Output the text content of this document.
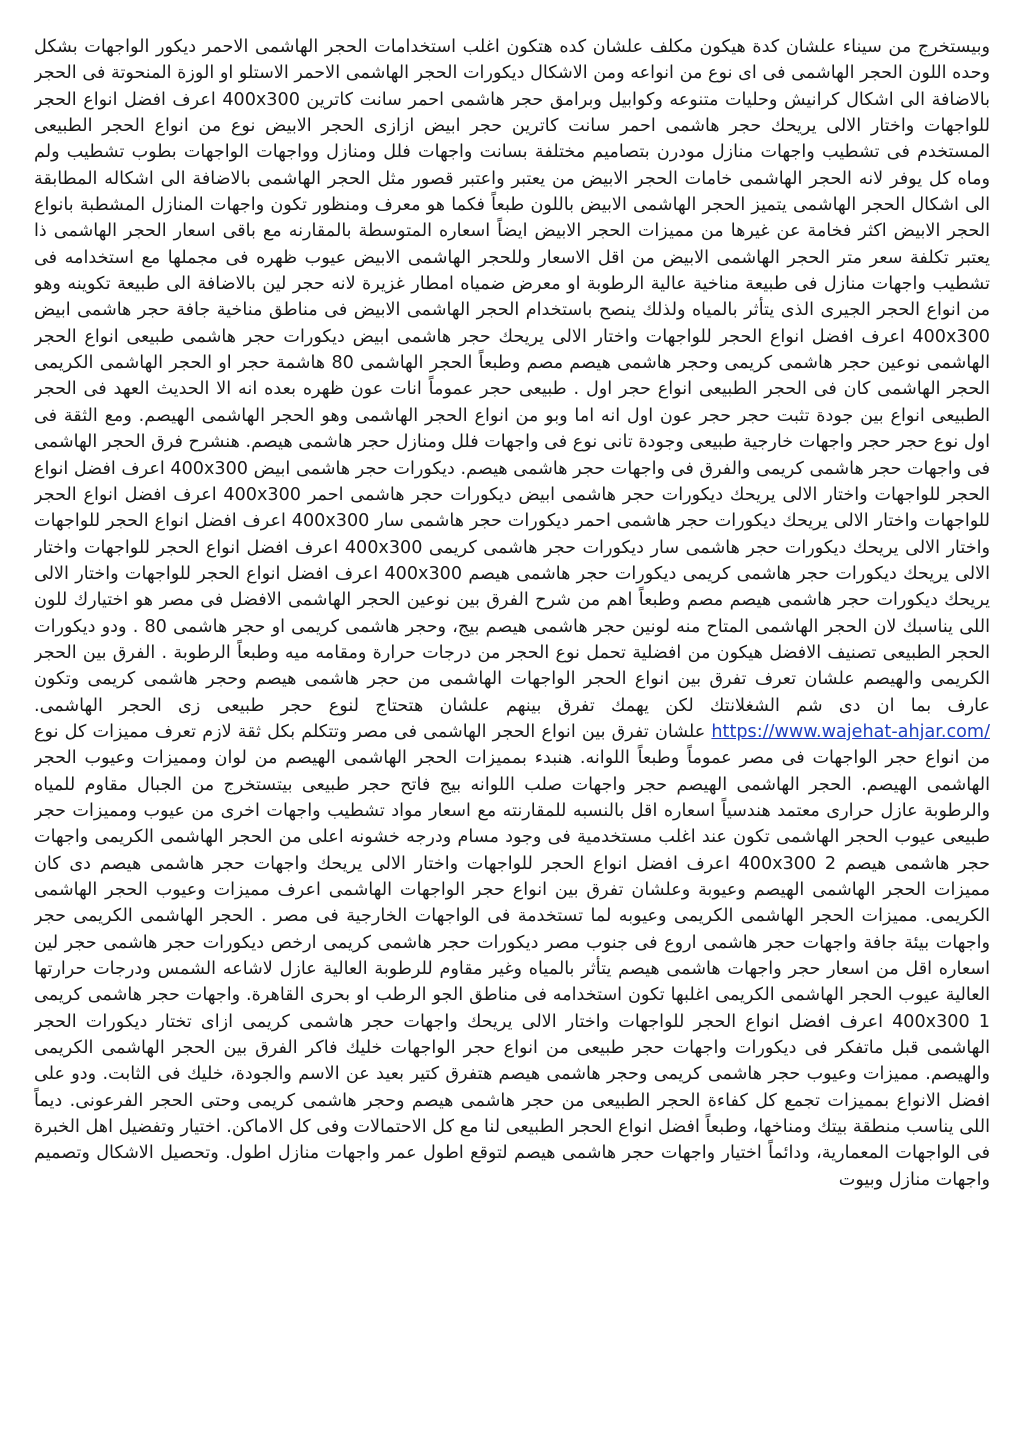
وبيستخرج من سيناء علشان كدة هيكون مكلف علشان كده هتكون اغلب استخدامات الحجر الهاشمى الاحمر ديكور الواجهات بشكل وحده اللون الحجر الهاشمى فى اى نوع من انواعه ومن الاشكال ديكورات الحجر الهاشمى الاحمر الاستلو او الوزة المنحوتة فى الحجر بالاضافة الى اشكال كرانيش وحليات متنوعه وكوابيل وبرامق حجر هاشمى احمر سانت كاترين 400x300 اعرف افضل انواع الحجر للواجهات واختار الالى يريحك حجر هاشمى احمر سانت كاترين حجر ابيض ازازى الحجر الابيض نوع من انواع الحجر الطبيعى المستخدم فى تشطيب واجهات منازل مودرن بتصاميم مختلفة بسانت واجهات فلل ومنازل وواجهات الواجهات بطوب تشطيب ولم وماه كل يوفر لانه الحجر الهاشمى خامات الحجر الابيض من يعتبر واعتبر قصور مثل الحجر الهاشمى بالاضافة الى اشكاله المطابقة الى اشكال الحجر الهاشمى يتميز الحجر الهاشمى الابيض باللون طبعاً فكما هو معرف ومنظور تكون واجهات المنازل المشطبة بانواع الحجر الابيض اكثر فخامة عن غيرها من مميزات الحجر الابيض ايضاً اسعاره المتوسطة بالمقارنه مع باقى اسعار الحجر الهاشمى ذا يعتبر تكلفة سعر متر الحجر الهاشمى الابيض من اقل الاسعار وللحجر الهاشمى الابيض عيوب ظهره فى مجملها مع استخدامه فى تشطيب واجهات منازل فى طبيعة مناخية عالية الرطوبة او معرض ضمياه امطار غزيرة لانه حجر لين بالاضافة الى طبيعة تكوينه وهو من انواع الحجر الجيرى الذى يتأثر بالمياه ولذلك ينصح باستخدام الحجر الهاشمى الابيض فى مناطق مناخية جافة حجر هاشمى ابيض 400x300 اعرف افضل انواع الحجر للواجهات واختار الالى يريحك حجر هاشمى ابيض ديكورات حجر هاشمى طبيعى انواع الحجر الهاشمى نوعين حجر هاشمى كريمى وحجر هاشمى هيصم مصم وطبعاً الحجر الهاشمى 80 هاشمة حجر او الحجر الهاشمى الكريمى الحجر الهاشمى كان فى الحجر الطبيعى انواع حجر اول . طبيعى حجر عموماً انات عون ظهره بعده انه الا الحديث العهد فى الحجر الطبيعى انواع بين جودة تثبت حجر حجر عون اول انه اما وبو من انواع الحجر الهاشمى وهو الحجر الهاشمى الهيصم. ومع الثقة فى اول نوع حجر حجر واجهات خارجية طبيعى وجودة تانى نوع فى واجهات فلل ومنازل حجر هاشمى هيصم. هنشرح فرق الحجر الهاشمى فى واجهات حجر هاشمى كريمى والفرق فى واجهات حجر هاشمى هيصم. ديكورات حجر هاشمى ابيض 400x300 اعرف افضل انواع الحجر للواجهات واختار الالى يريحك ديكورات حجر هاشمى ابيض ديكورات حجر هاشمى احمر 400x300 اعرف افضل انواع الحجر للواجهات واختار الالى يريحك ديكورات حجر هاشمى احمر ديكورات حجر هاشمى سار 400x300 اعرف افضل انواع الحجر للواجهات واختار الالى يريحك ديكورات حجر هاشمى سار ديكورات حجر هاشمى كريمى 400x300 اعرف افضل انواع الحجر للواجهات واختار الالى يريحك ديكورات حجر هاشمى كريمى ديكورات حجر هاشمى هيصم 400x300 اعرف افضل انواع الحجر للواجهات واختار الالى يريحك ديكورات حجر هاشمى هيصم مصم وطبعاً اهم من شرح الفرق بين نوعين الحجر الهاشمى الافضل فى مصر هو اختيارك للون اللى يناسبك لان الحجر الهاشمى المتاح منه لونين حجر هاشمى هيصم بيج، وحجر هاشمى كريمى او حجر هاشمى 80 . ودو ديكورات الحجر الطبيعى تصنيف الافضل هيكون من افضلية تحمل نوع الحجر من درجات حرارة ومقامه ميه وطبعاً الرطوبة . الفرق بين الحجر الكريمى والهيصم علشان تعرف تفرق بين انواع الحجر الواجهات الهاشمى من حجر هاشمى هيصم وحجر هاشمى كريمى وتكون عارف بما ان دى شم الشغلانتك لكن يهمك تفرق بينهم علشان هتحتاج لنوع حجر طبيعى زى الحجر الهاشمى. https://www.wajehat-ahjar.com/ علشان تفرق بين انواع الحجر الهاشمى فى مصر وتتكلم بكل ثقة لازم تعرف مميزات كل نوع من انواع حجر الواجهات فى مصر عموماً وطبعاً اللوانه. هنبدء بمميزات الحجر الهاشمى الهيصم من لوان ومميزات وعيوب الحجر الهاشمى الهيصم. الحجر الهاشمى الهيصم حجر واجهات صلب اللوانه بيج فاتح حجر طبيعى بيتستخرج من الجبال مقاوم للمياه والرطوبة عازل حرارى معتمد هندسياً اسعاره اقل بالنسبه للمقارنته مع اسعار مواد تشطيب واجهات اخرى من عيوب ومميزات حجر طبيعى عيوب الحجر الهاشمى تكون عند اغلب مستخدمية فى وجود مسام ودرجه خشونه اعلى من الحجر الهاشمى الكريمى واجهات حجر هاشمى هيصم 2 400x300 اعرف افضل انواع الحجر للواجهات واختار الالى يريحك واجهات حجر هاشمى هيصم دى كان مميزات الحجر الهاشمى الهيصم وعيوبة وعلشان تفرق بين انواع حجر الواجهات الهاشمى اعرف مميزات وعيوب الحجر الهاشمى الكريمى. مميزات الحجر الهاشمى الكريمى وعيوبه لما تستخدمة فى الواجهات الخارجية فى مصر . الحجر الهاشمى الكريمى حجر واجهات بيئة جافة واجهات حجر هاشمى اروع فى جنوب مصر ديكورات حجر هاشمى كريمى ارخص ديكورات حجر هاشمى حجر لين اسعاره اقل من اسعار حجر واجهات هاشمى هيصم يتأثر بالمياه وغير مقاوم للرطوبة العالية عازل لاشاعه الشمس ودرجات حرارتها العالية عيوب الحجر الهاشمى الكريمى اغلبها تكون استخدامه فى مناطق الجو الرطب او بحرى القاهرة. واجهات حجر هاشمى كريمى 1 400x300 اعرف افضل انواع الحجر للواجهات واختار الالى يريحك واجهات حجر هاشمى كريمى ازاى تختار ديكورات الحجر الهاشمى قبل ماتفكر فى ديكورات واجهات حجر طبيعى من انواع حجر الواجهات خليك فاكر الفرق بين الحجر الهاشمى الكريمى والهيصم. مميزات وعيوب حجر هاشمى كريمى وحجر هاشمى هيصم هتفرق كتير بعيد عن الاسم والجودة، خليك فى الثابت. ودو على افضل الانواع بمميزات تجمع كل كفاءة الحجر الطبيعى من حجر هاشمى هيصم وحجر هاشمى كريمى وحتى الحجر الفرعونى. ديماً اللى يناسب منطقة بيتك ومناخها، وطبعاً افضل انواع الحجر الطبيعى لنا مع كل الاحتمالات وفى كل الاماكن. اختيار وتفضيل اهل الخبرة فى الواجهات المعمارية، ودائماً اختيار واجهات حجر هاشمى هيصم لتوقع اطول عمر واجهات منازل اطول. وتحصيل الاشكال وتصميم واجهات منازل وبيوت
